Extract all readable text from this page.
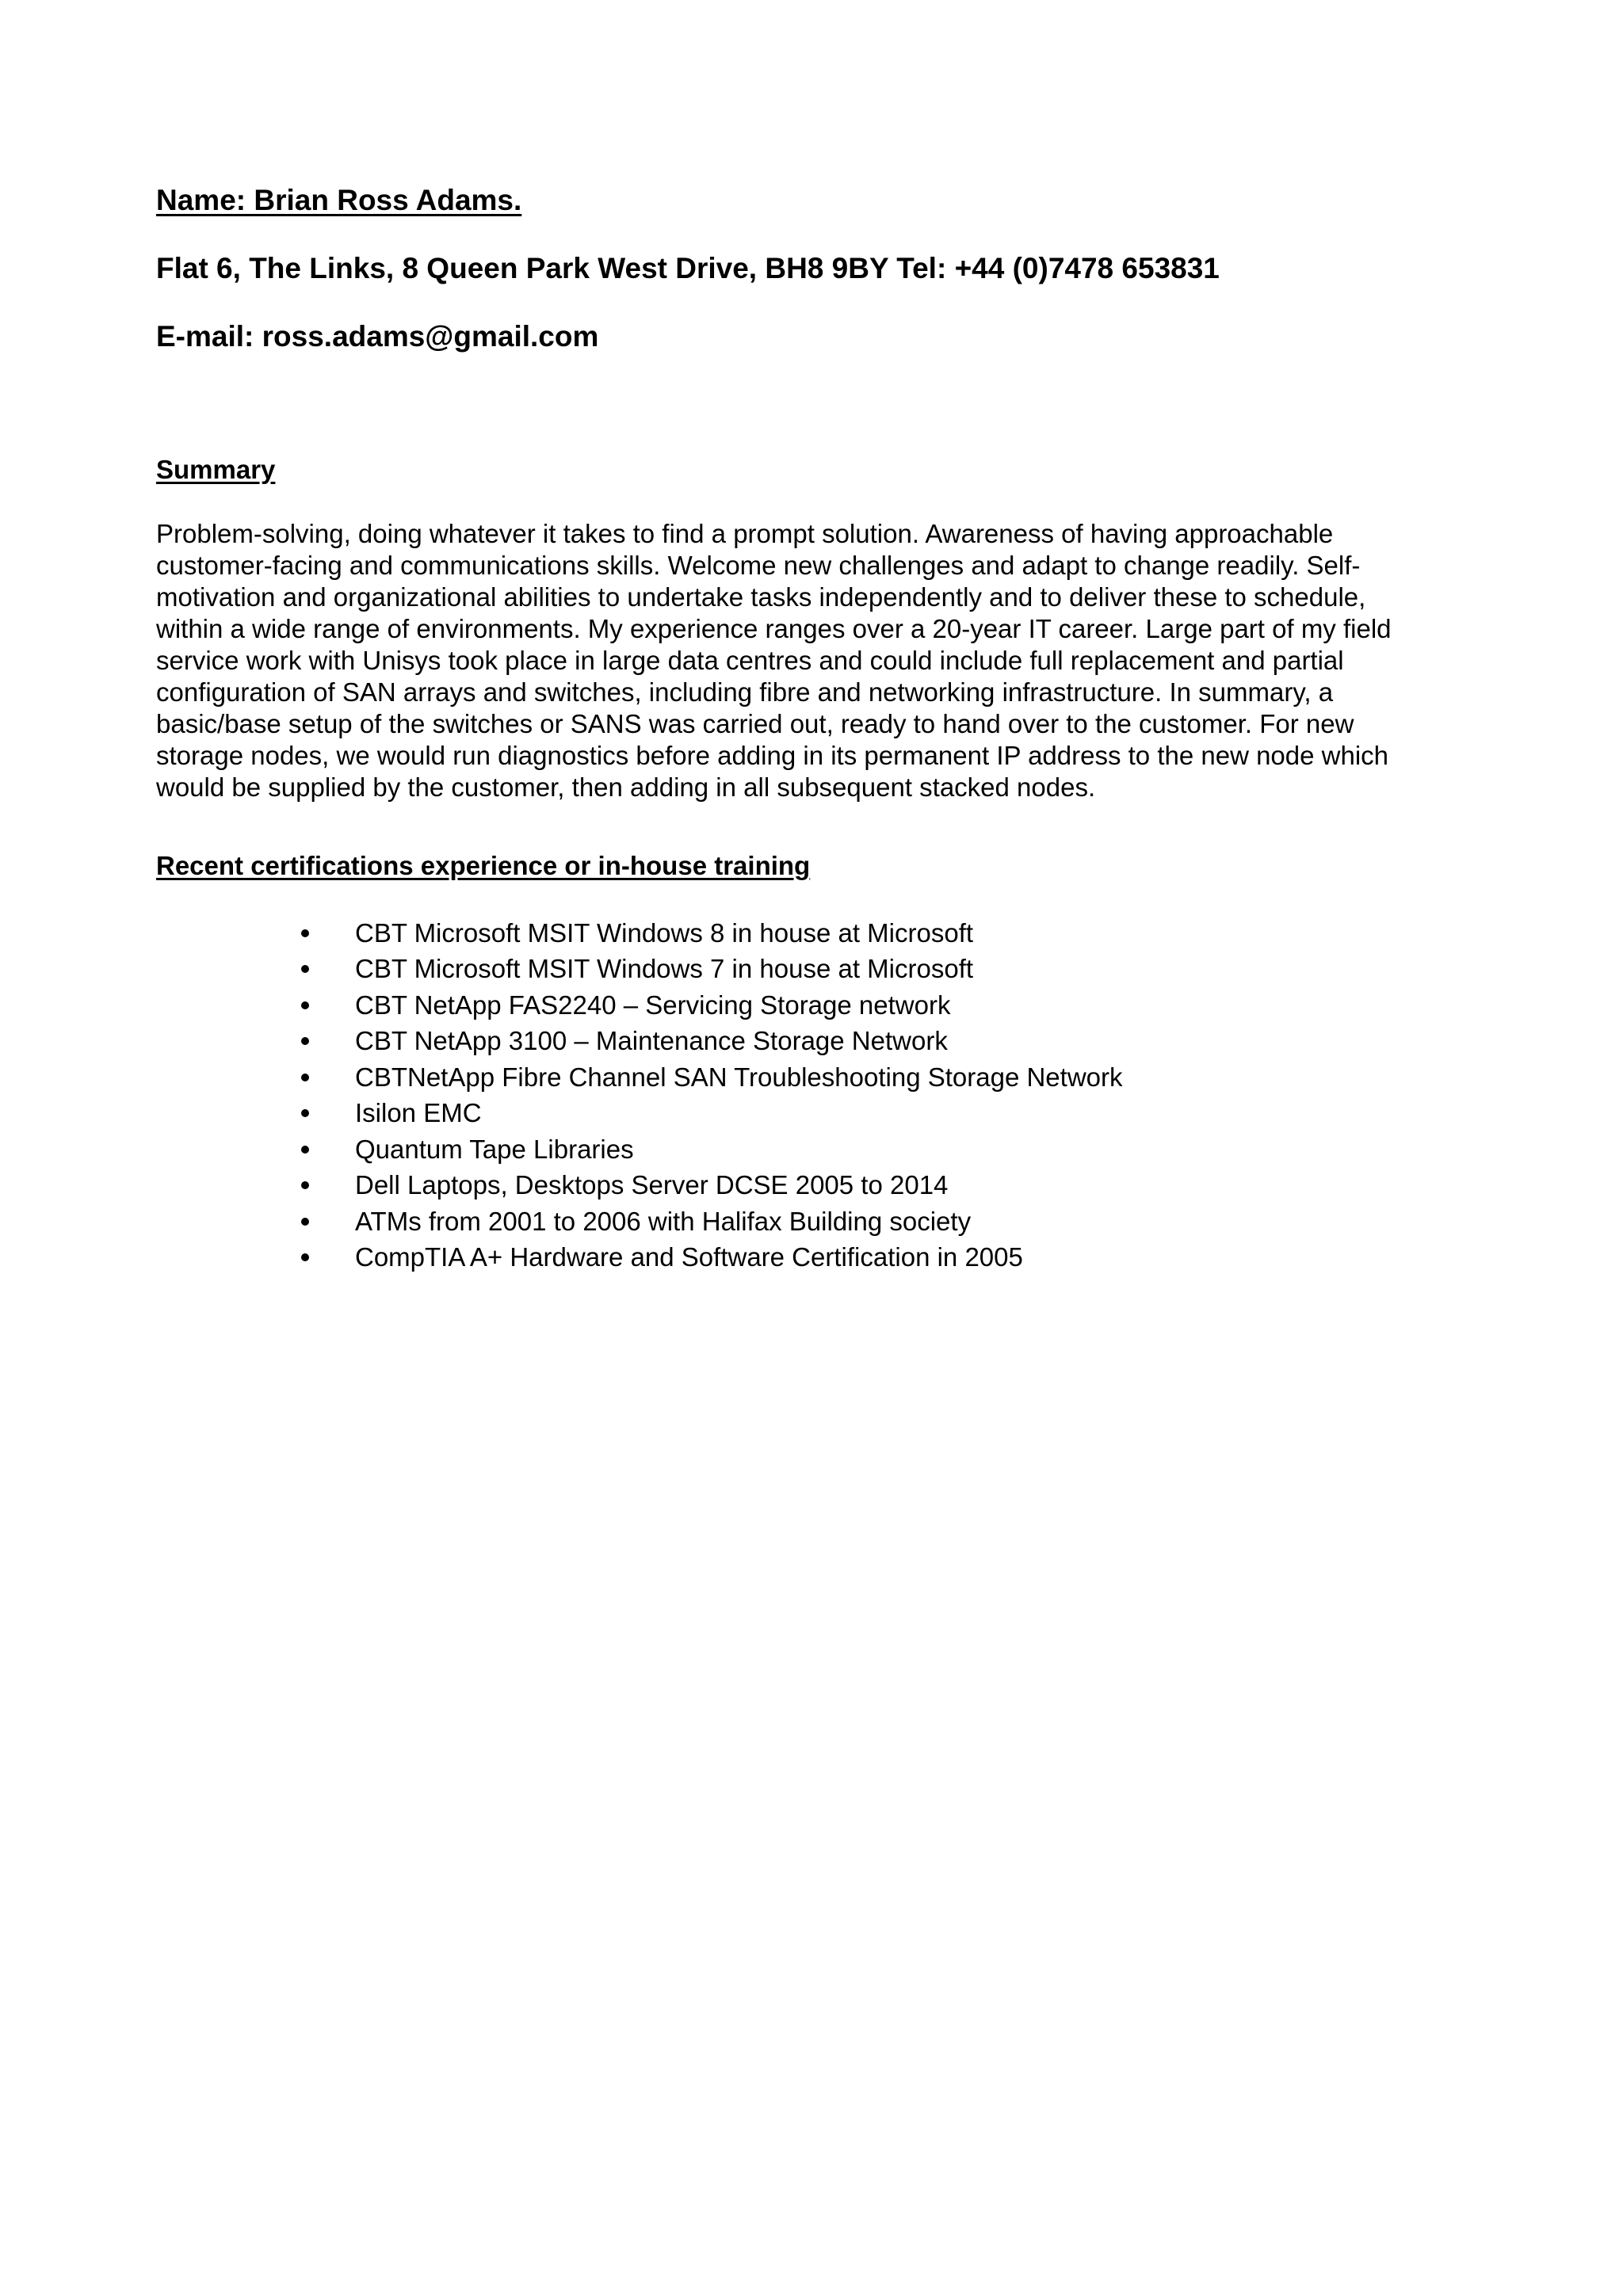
Name: Brian Ross Adams.
Flat 6, The Links, 8 Queen Park West Drive, BH8 9BY Tel: +44 (0)7478 653831
E-mail: ross.adams@gmail.com
Summary
Problem-solving, doing whatever it takes to find a prompt solution. Awareness of having approachable
customer-facing and communications skills. Welcome new challenges and adapt to change readily. Self-
motivation and organizational abilities to undertake tasks independently and to deliver these to schedule,
within a wide range of environments. My experience ranges over a 20-year IT career. Large part of my field
service work with Unisys took place in large data centres and could include full replacement and partial
configuration of SAN arrays and switches, including fibre and networking infrastructure. In summary, a
basic/base setup of the switches or SANS was carried out, ready to hand over to the customer. For new
storage nodes, we would run diagnostics before adding in its permanent IP address to the new node which
would be supplied by the customer, then adding in all subsequent stacked nodes.
Recent certifications experience or in-house training
CBT Microsoft MSIT Windows 8 in house at Microsoft
CBT Microsoft MSIT Windows 7 in house at Microsoft
CBT NetApp FAS2240 – Servicing Storage network
CBT NetApp 3100 – Maintenance Storage Network
CBTNetApp Fibre Channel SAN Troubleshooting Storage Network
Isilon EMC
Quantum Tape Libraries
Dell Laptops, Desktops Server DCSE 2005 to 2014
ATMs from 2001 to 2006 with Halifax Building society
CompTIA A+ Hardware and Software Certification in 2005
